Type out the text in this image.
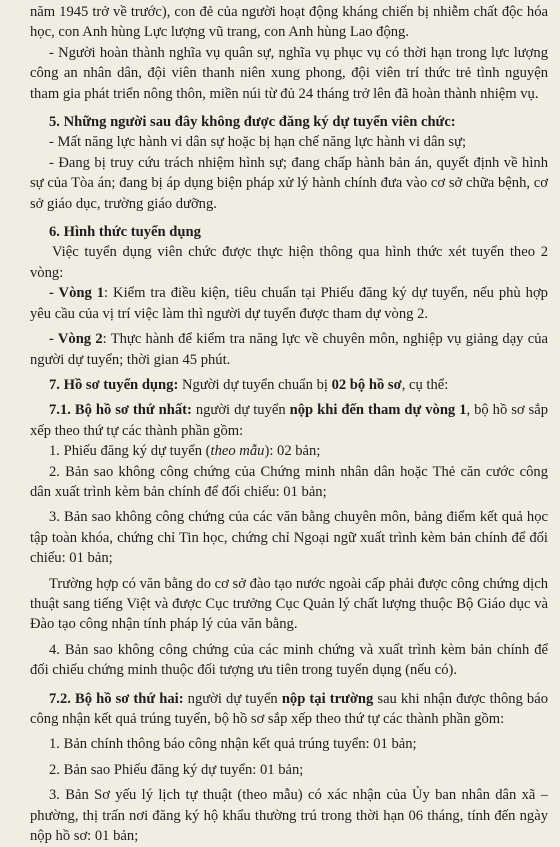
năm 1945 trở về trước), con đẻ của người hoạt động kháng chiến bị nhiễm chất độc hóa học, con Anh hùng Lực lượng vũ trang, con Anh hùng Lao động.

- Người hoàn thành nghĩa vụ quân sự, nghĩa vụ phục vụ có thời hạn trong lực lượng công an nhân dân, đội viên thanh niên xung phong, đội viên trí thức trẻ tình nguyện tham gia phát triển nông thôn, miền núi từ đủ 24 tháng trở lên đã hoàn thành nhiệm vụ.

5. Những người sau đây không được đăng ký dự tuyển viên chức:

- Mất năng lực hành vi dân sự hoặc bị hạn chế năng lực hành vi dân sự;

- Đang bị truy cứu trách nhiệm hình sự; đang chấp hành bản án, quyết định về hình sự của Tòa án; đang bị áp dụng biện pháp xử lý hành chính đưa vào cơ sở chữa bệnh, cơ sở giáo dục, trường giáo dưỡng.

6. Hình thức tuyển dụng

Việc tuyển dụng viên chức được thực hiện thông qua hình thức xét tuyển theo 2 vòng:

- Vòng 1: Kiểm tra điều kiện, tiêu chuẩn tại Phiếu đăng ký dự tuyển, nếu phù hợp yêu cầu của vị trí việc làm thì người dự tuyển được tham dự vòng 2.

- Vòng 2: Thực hành để kiểm tra năng lực về chuyên môn, nghiệp vụ giảng dạy của người dự tuyển; thời gian 45 phút.

7. Hồ sơ tuyển dụng: Người dự tuyển chuẩn bị 02 bộ hồ sơ, cụ thể:

7.1. Bộ hồ sơ thứ nhất: người dự tuyển nộp khi đến tham dự vòng 1, bộ hồ sơ sắp xếp theo thứ tự các thành phần gồm:

1. Phiếu đăng ký dự tuyển (theo mẫu): 02 bản;

2. Bản sao không công chứng của Chứng minh nhân dân hoặc Thẻ căn cước công dân xuất trình kèm bản chính để đối chiếu: 01 bản;

3. Bản sao không công chứng của các văn bằng chuyên môn, bảng điểm kết quả học tập toàn khóa, chứng chỉ Tin học, chứng chỉ Ngoại ngữ xuất trình kèm bản chính để đối chiếu: 01 bản;

Trường hợp có văn bằng do cơ sở đào tạo nước ngoài cấp phải được công chứng dịch thuật sang tiếng Việt và được Cục trưởng Cục Quản lý chất lượng thuộc Bộ Giáo dục và Đào tạo công nhận tính pháp lý của văn bằng.

4. Bản sao không công chứng của các minh chứng và xuất trình kèm bản chính để đối chiếu chứng minh thuộc đối tượng ưu tiên trong tuyển dụng (nếu có).

7.2. Bộ hồ sơ thứ hai: người dự tuyển nộp tại trường sau khi nhận được thông báo công nhận kết quả trúng tuyển, bộ hồ sơ sắp xếp theo thứ tự các thành phần gồm:

1. Bản chính thông báo công nhận kết quả trúng tuyển: 01 bản;

2. Bản sao Phiếu đăng ký dự tuyển: 01 bản;

3. Bản Sơ yếu lý lịch tự thuật (theo mẫu) có xác nhận của Ủy ban nhân dân xã – phường, thị trấn nơi đăng ký hộ khẩu thường trú trong thời hạn 06 tháng, tính đến ngày nộp hồ sơ: 01 bản;
